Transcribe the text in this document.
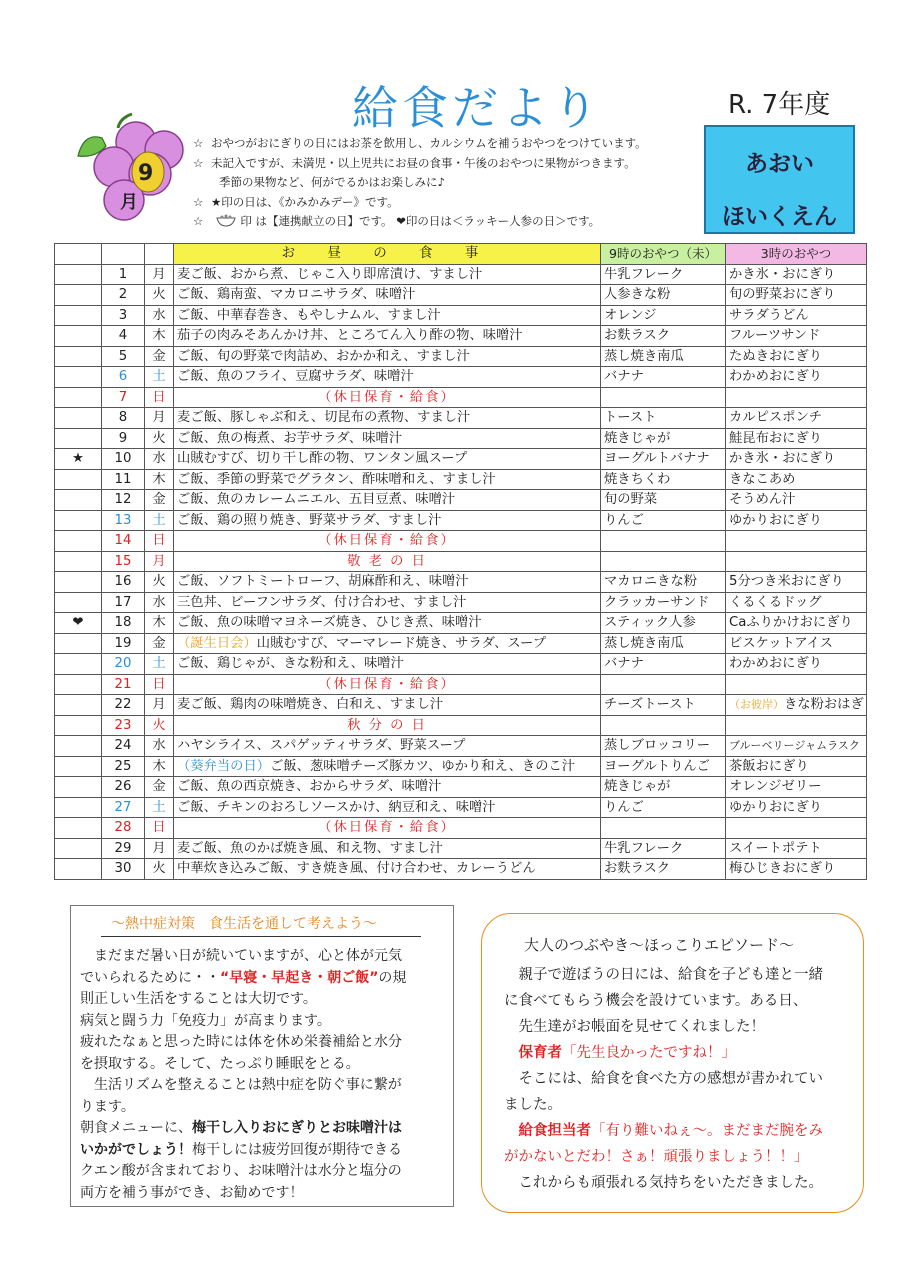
給食だより	R. 7年度
あおい
ほいくえん
9
月
☆ おやつがおにぎりの日にはお茶を飲用し、カルシウムを補うおやつをつけています。
☆ 未記入ですが、未満児・以上児共にお昼の食事・午後のおやつに果物がつきます。
季節の果物など、何がでるかはお楽しみに♪
☆ ★印の日は、《かみかみデー》です。
☆	印 は【連携献立の日】です。 ❤印の日は＜ラッキー人参の日＞です。
			お 昼 の 食 事	9時のおやつ（未）	3時のおやつ
	1	月	麦ご飯、おから煮、じゃこ入り即席漬け、すまし汁	牛乳フレーク	かき氷・おにぎり
	2	火	ご飯、鶏南蛮、マカロニサラダ、味噌汁	人参きな粉	旬の野菜おにぎり
	3	水	ご飯、中華春巻き、もやしナムル、すまし汁	オレンジ	サラダうどん
	4	木	茄子の肉みそあんかけ丼、ところてん入り酢の物、味噌汁	お麩ラスク	フルーツサンド
	5	金	ご飯、旬の野菜で肉詰め、おかか和え、すまし汁	蒸し焼き南瓜	たぬきおにぎり
	6	土	ご飯、魚のフライ、豆腐サラダ、味噌汁	バナナ	わかめおにぎり
	7	日	（休日保育・給食）		
	8	月	麦ご飯、豚しゃぶ和え、切昆布の煮物、すまし汁	トースト	カルピスポンチ
	9	火	ご飯、魚の梅煮、お芋サラダ、味噌汁	焼きじゃが	鮭昆布おにぎり
★	10	水	山賊むすび、切り干し酢の物、ワンタン風スープ	ヨーグルトバナナ	かき氷・おにぎり
	11	木	ご飯、季節の野菜でグラタン、酢味噌和え、すまし汁	焼きちくわ	きなこあめ
	12	金	ご飯、魚のカレームニエル、五目豆煮、味噌汁	旬の野菜	そうめん汁
	13	土	ご飯、鶏の照り焼き、野菜サラダ、すまし汁	りんご	ゆかりおにぎり
	14	日	（休日保育・給食）		
	15	月	敬 老 の 日		
	16	火	ご飯、ソフトミートローフ、胡麻酢和え、味噌汁	マカロニきな粉	5分つき米おにぎり
	17	水	三色丼、ビーフンサラダ、付け合わせ、すまし汁	クラッカーサンド	くるくるドッグ
❤	18	木	ご飯、魚の味噌マヨネーズ焼き、ひじき煮、味噌汁	スティック人参	Caふりかけおにぎり
	19	金	（誕生日会）山賊むすび、マーマレード焼き、サラダ、スープ	蒸し焼き南瓜	ビスケットアイス
	20	土	ご飯、鶏じゃが、きな粉和え、味噌汁	バナナ	わかめおにぎり
	21	日	（休日保育・給食）		
	22	月	麦ご飯、鶏肉の味噌焼き、白和え、すまし汁	チーズトースト	（お彼岸）きな粉おはぎ
	23	火	秋 分 の 日		
	24	水	ハヤシライス、スパゲッティサラダ、野菜スープ	蒸しブロッコリー	ブルーベリージャムラスク
	25	木	（葵弁当の日）ご飯、葱味噌チーズ豚カツ、ゆかり和え、きのこ汁	ヨーグルトりんご	茶飯おにぎり
	26	金	ご飯、魚の西京焼き、おからサラダ、味噌汁	焼きじゃが	オレンジゼリー
	27	土	ご飯、チキンのおろしソースかけ、納豆和え、味噌汁	りんご	ゆかりおにぎり
	28	日	（休日保育・給食）		
	29	月	麦ご飯、魚のかば焼き風、和え物、すまし汁	牛乳フレーク	スイートポテト
	30	火	中華炊き込みご飯、すき焼き風、付け合わせ、カレーうどん	お麩ラスク	梅ひじきおにぎり
～熱中症対策　食生活を通して考えよう～

　まだまだ暑い日が続いていますが、心と体が元気

でいられるために・・“早寝・早起き・朝ご飯”の規

則正しい生活をすることは大切です。

病気と闘う力「免疫力」が高まります。

疲れたなぁと思った時には体を休め栄養補給と水分

を摂取する。そして、たっぷり睡眠をとる。

　生活リズムを整えることは熱中症を防ぐ事に繋が

ります。

朝食メニューに、梅干し入りおにぎりとお味噌汁は

いかがでしょう！梅干しには疲労回復が期待できる

クエン酸が含まれており、お味噌汁は水分と塩分の

両方を補う事ができ、お勧めです！

大人のつぶやき～ほっこりエピソード～

　親子で遊ぼうの日には、給食を子ども達と一緒

に食べてもらう機会を設けています。ある日、

　先生達がお帳面を見せてくれました！

　保育者「先生良かったですね！」

　そこには、給食を食べた方の感想が書かれてい

ました。

　給食担当者「有り難いねぇ～。まだまだ腕をみ

がかないとだわ！さぁ！頑張りましょう！！」

　これからも頑張れる気持ちをいただきました。
